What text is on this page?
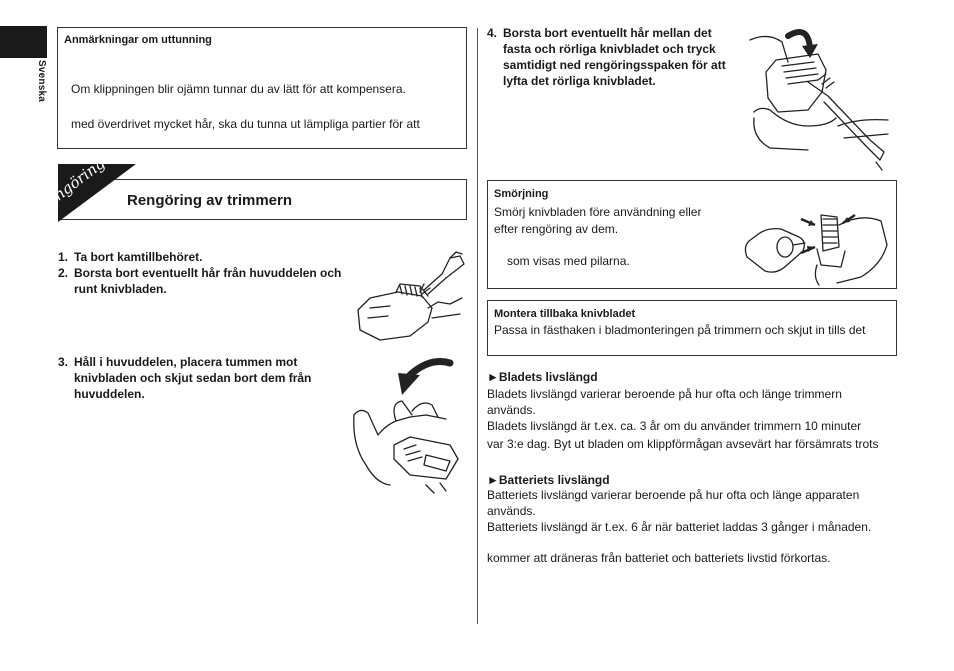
Svenska
Anmärkningar om uttunning
Om klippningen blir ojämn tunnar du av lätt för att kompensera.
med överdrivet mycket hår, ska du tunna ut lämpliga partier för att
Rengöring av trimmern
Rengöring
1. Ta bort kamtillbehöret.
2. Borsta bort eventuellt hår från huvuddelen och runt knivbladen.
3. Håll i huvuddelen, placera tummen mot knivbladen och skjut sedan bort dem från huvuddelen.
4. Borsta bort eventuellt hår mellan det fasta och rörliga knivbladet och tryck samtidigt ned rengöringsspaken för att lyfta det rörliga knivbladet.
Smörjning
Smörj knivbladen före användning eller
efter rengöring av dem.
som visas med pilarna.
Montera tillbaka knivbladet
Passa in fästhaken i bladmonteringen på trimmern och skjut in tills det
►Bladets livslängd
Bladets livslängd varierar beroende på hur ofta och länge trimmern
används.
Bladets livslängd är t.ex. ca. 3 år om du använder trimmern 10 minuter
var 3:e dag. Byt ut bladen om klippförmågan avsevärt har försämrats trots
►Batteriets livslängd
Batteriets livslängd varierar beroende på hur ofta och länge apparaten
används.
Batteriets livslängd är t.ex. 6 år när batteriet laddas 3 gånger i månaden.
kommer att dräneras från batteriet och batteriets livstid förkortas.
